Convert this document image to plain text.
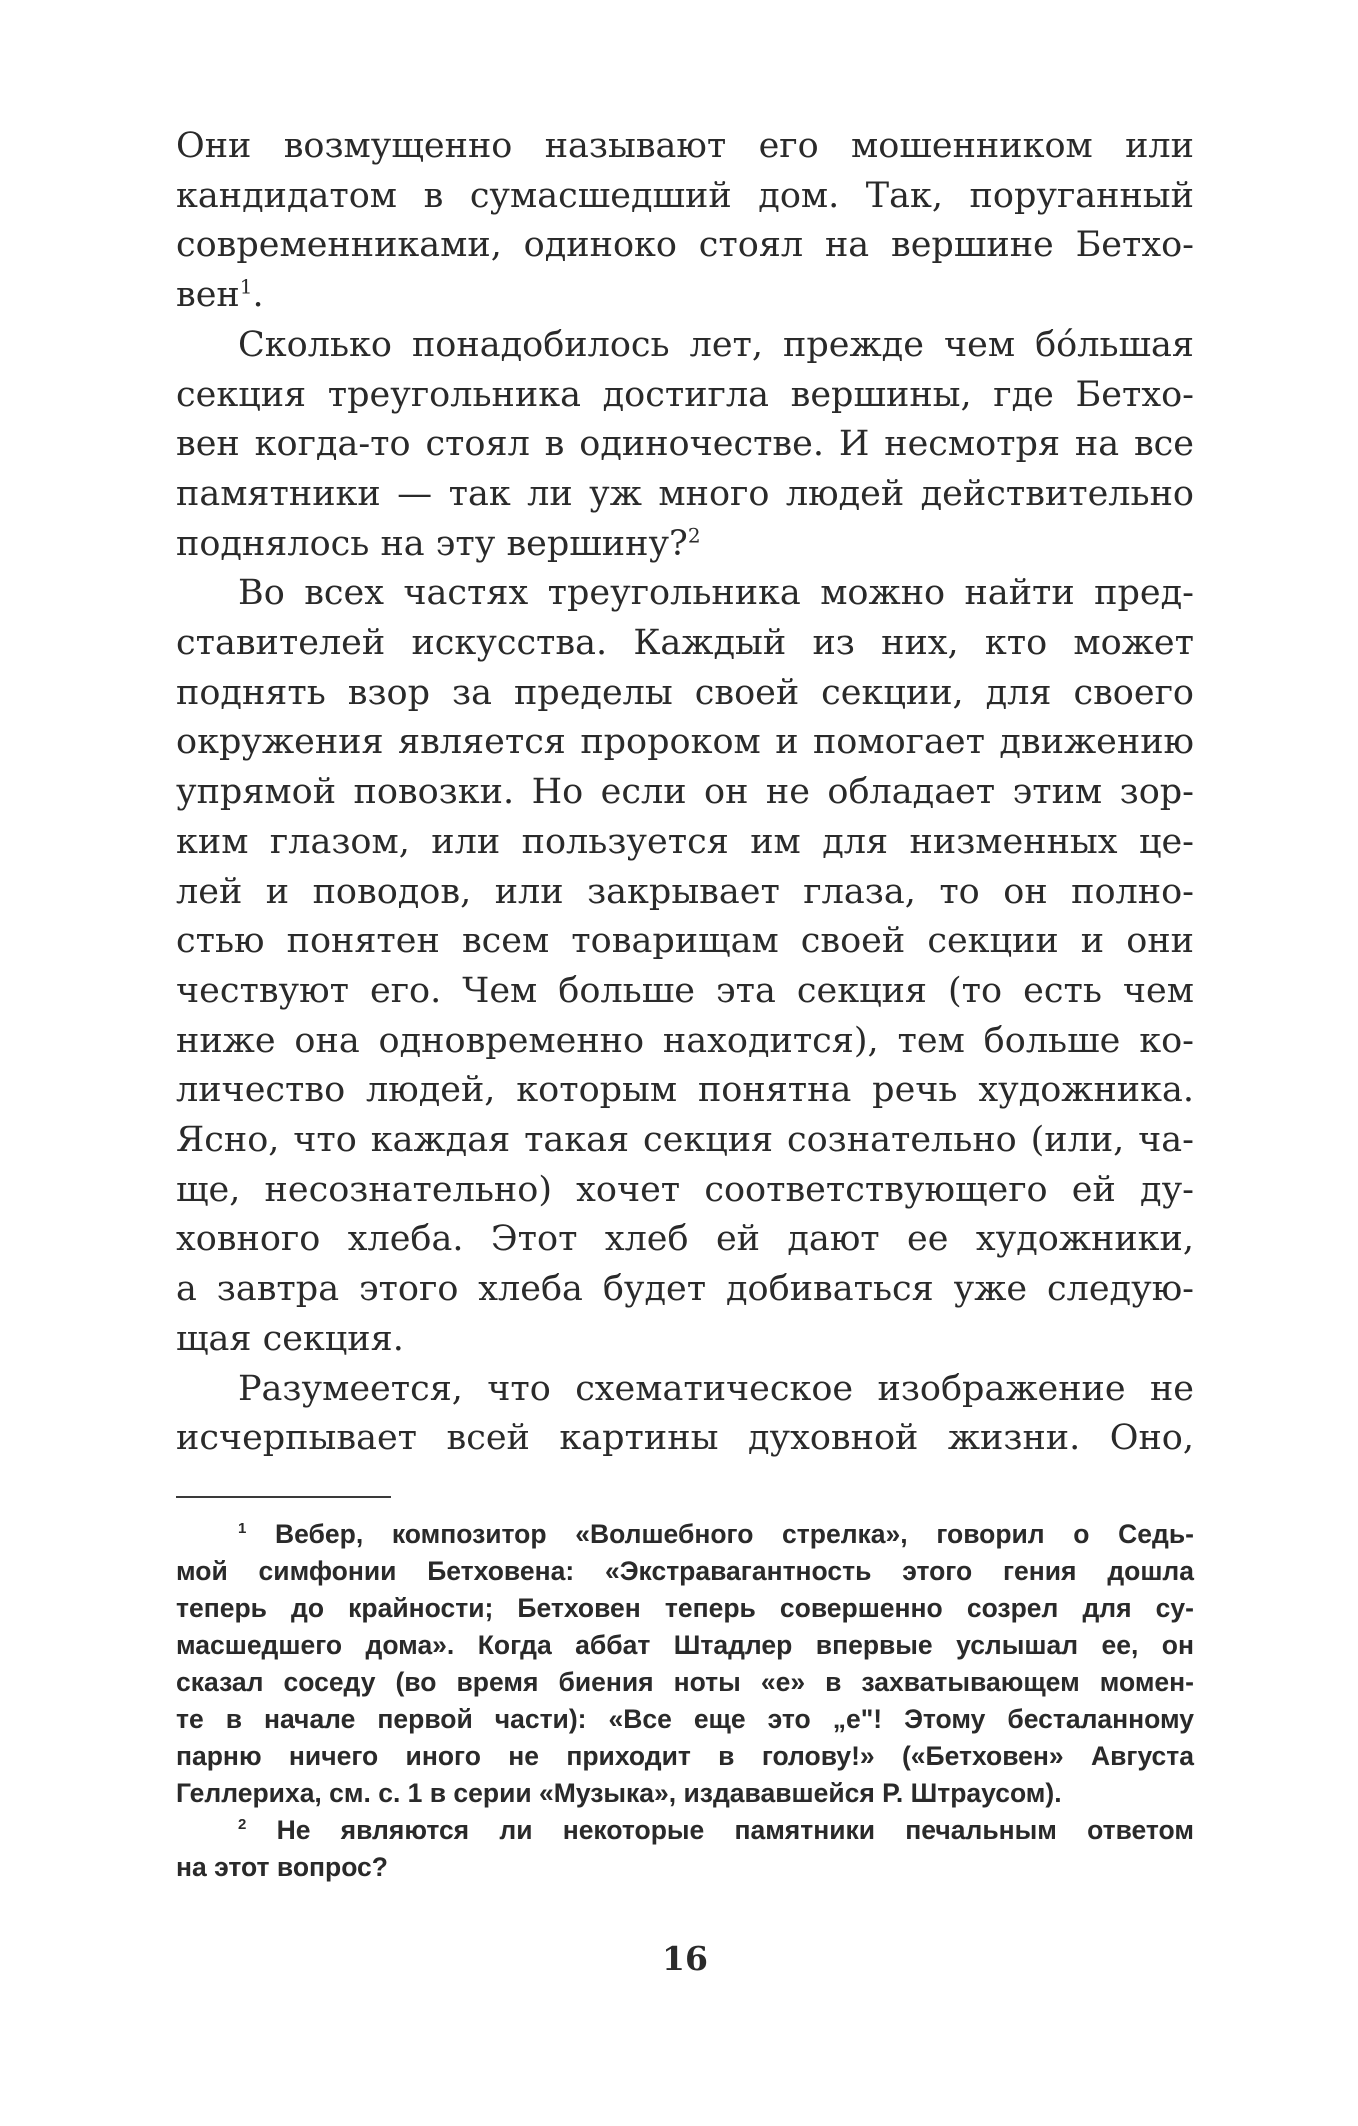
Они возмущенно называют его мошенником или
кандидатом в сумасшедший дом. Так, поруганный
современниками, одиноко стоял на вершине Бетхо-
вен$^1$.

Сколько понадобилось лет, прежде чем бóльшая
секция треугольника достигла вершины, где Бетхо-
вен когда-то стоял в одиночестве. И несмотря на все
памятники — так ли уж много людей действительно
поднялось на эту вершину?$^2$

Во всех частях треугольника можно найти пред-
ставителей искусства. Каждый из них, кто может
поднять взор за пределы своей секции, для своего
окружения является пророком и помогает движению
упрямой повозки. Но если он не обладает этим зор-
ким глазом, или пользуется им для низменных це-
лей и поводов, или закрывает глаза, то он полно-
стью понятен всем товарищам своей секции и они
чествуют его. Чем больше эта секция (то есть чем
ниже она одновременно находится), тем больше ко-
личество людей, которым понятна речь художника.
Ясно, что каждая такая секция сознательно (или, ча-
ще, несознательно) хочет соответствующего ей ду-
ховного хлеба. Этот хлеб ей дают ее художники,
а завтра этого хлеба будет добиваться уже следую-
щая секция.

Разумеется, что схематическое изображение не
исчерпывает всей картины духовной жизни. Оно,

$^1$ Вебер, композитор «Волшебного стрелка», говорил о Седь-
мой симфонии Бетховена: «Экстравагантность этого гения дошла
теперь до крайности; Бетховен теперь совершенно созрел для су-
масшедшего дома». Когда аббат Штадлер впервые услышал ее, он
сказал соседу (во время биения ноты «е» в захватывающем момен-
те в начале первой части): «Все еще это „е"! Этому бесталанному
парню ничего иного не приходит в голову!» («Бетховен» Августа
Геллериха, см. с. 1 в серии «Музыка», издававшейся Р. Штраусом).

$^2$ Не являются ли некоторые памятники печальным ответом
на этот вопрос?

16
